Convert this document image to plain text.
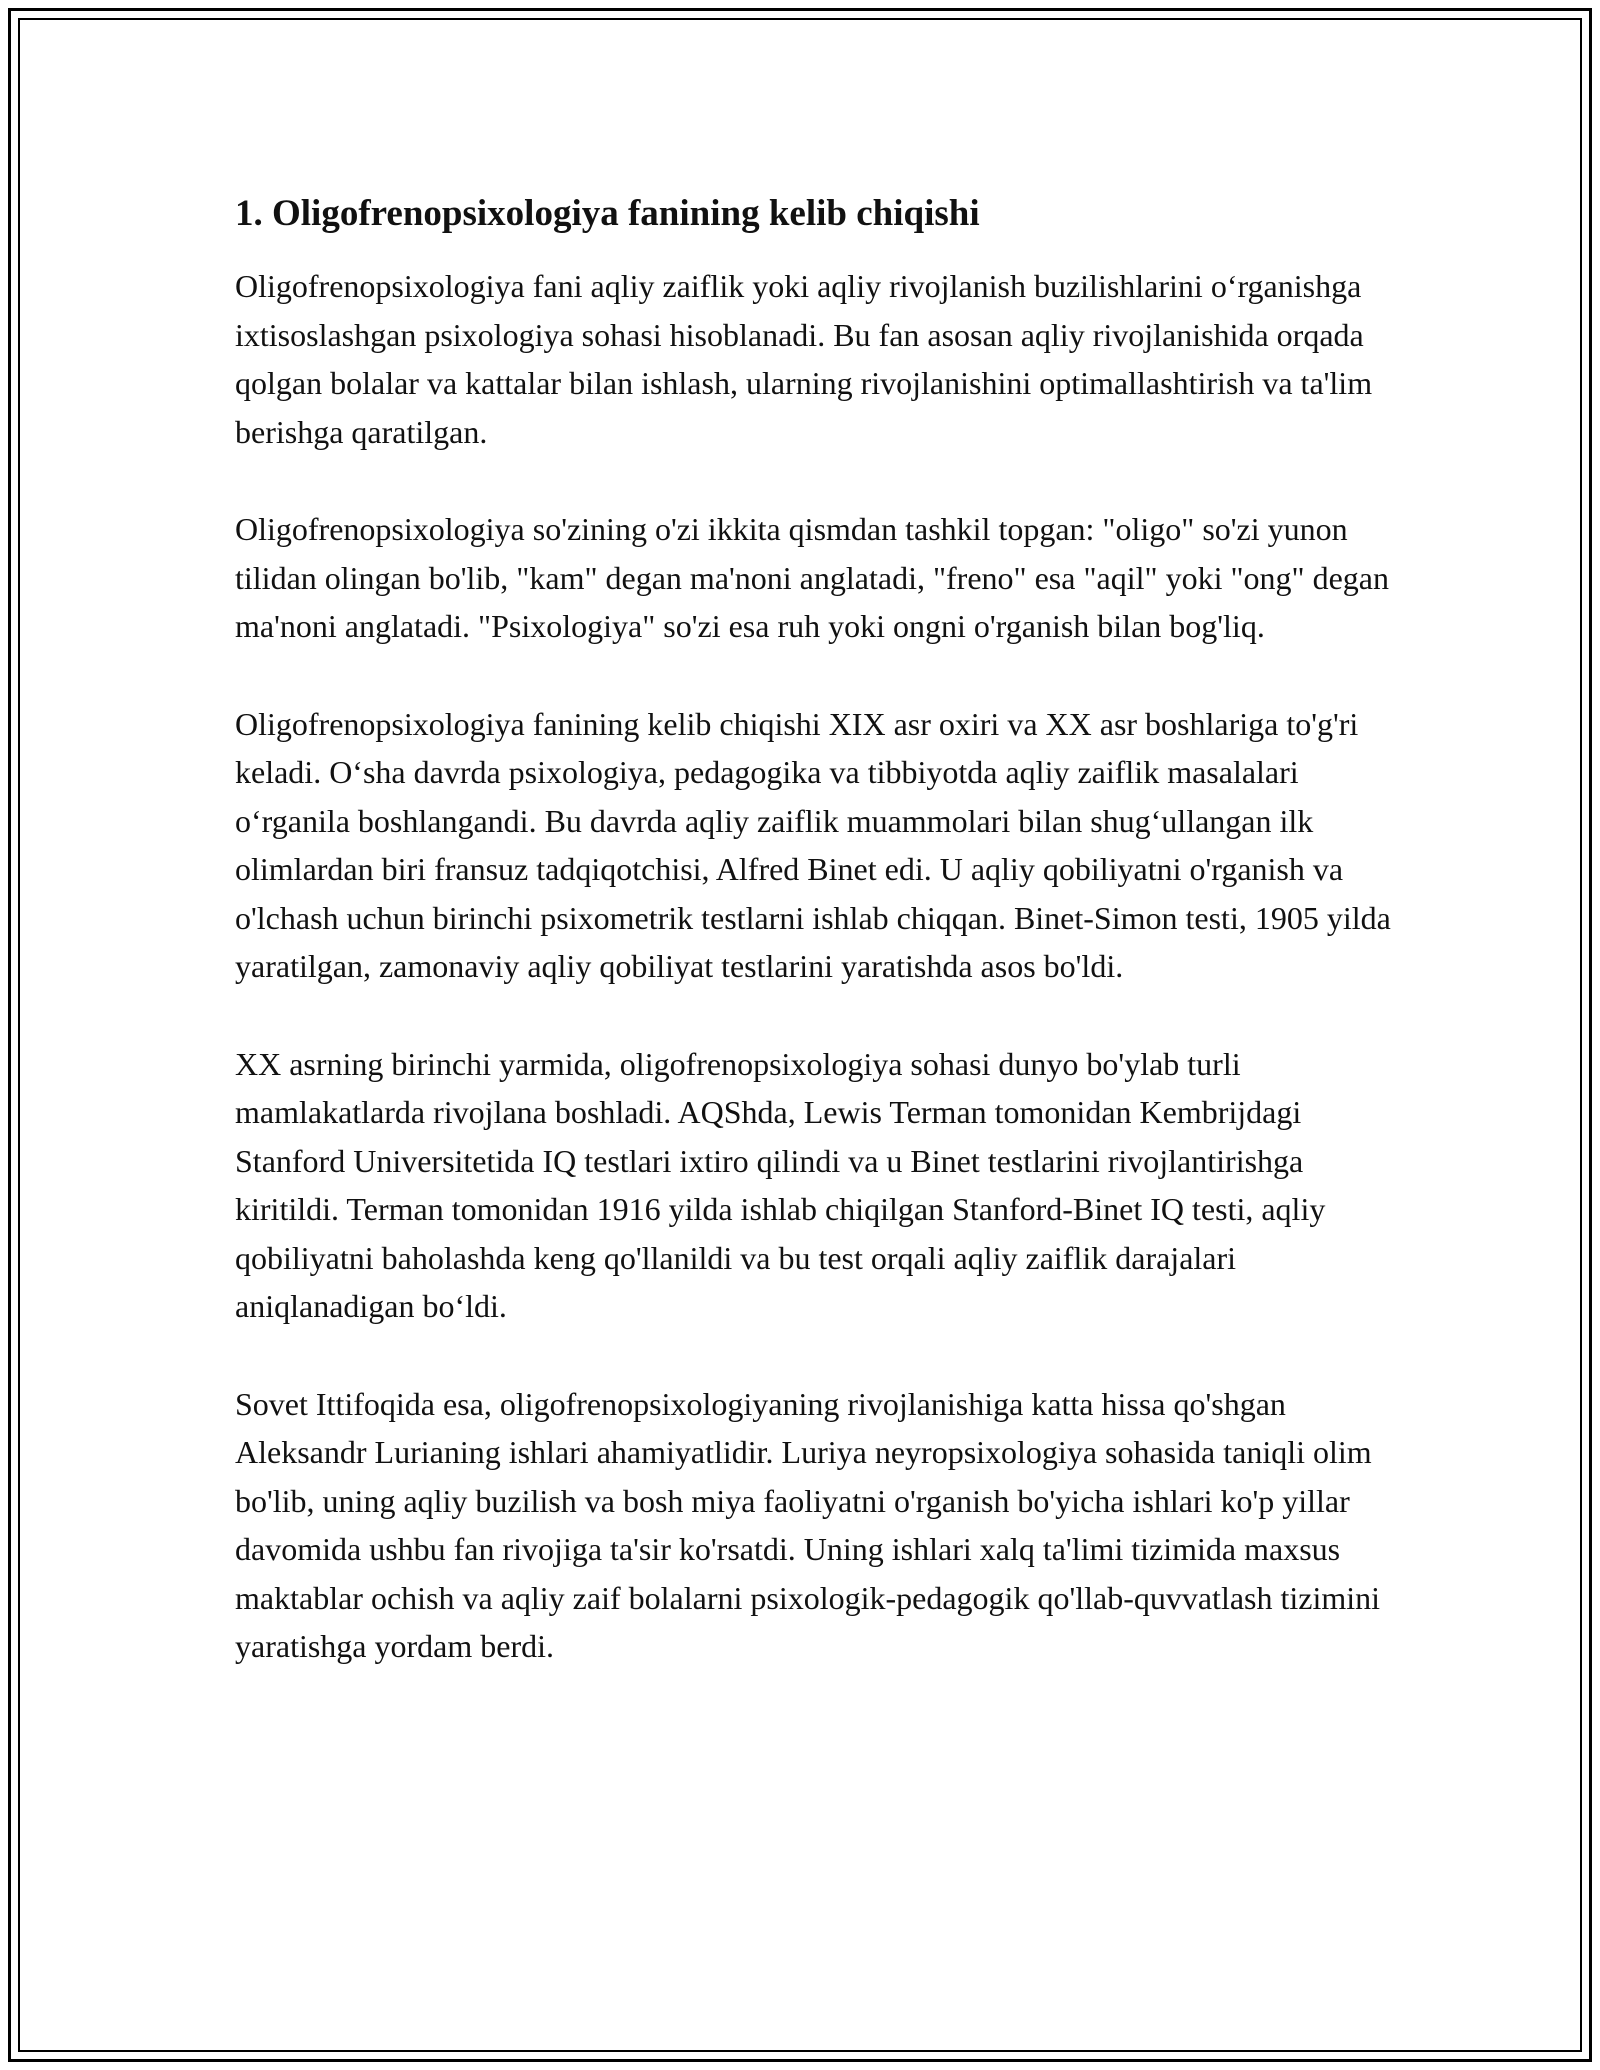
1. Oligofrenopsixologiya fanining kelib chiqishi

Oligofrenopsixologiya fani aqliy zaiflik yoki aqliy rivojlanish buzilishlarini o‘rganishga ixtisoslashgan psixologiya sohasi hisoblanadi. Bu fan asosan aqliy rivojlanishida orqada qolgan bolalar va kattalar bilan ishlash, ularning rivojlanishini optimallashtirish va ta'lim berishga qaratilgan.

Oligofrenopsixologiya so'zining o'zi ikkita qismdan tashkil topgan: "oligo" so'zi yunon tilidan olingan bo'lib, "kam" degan ma'noni anglatadi, "freno" esa "aqil" yoki "ong" degan ma'noni anglatadi. "Psixologiya" so'zi esa ruh yoki ongni o'rganish bilan bog'liq.

Oligofrenopsixologiya fanining kelib chiqishi XIX asr oxiri va XX asr boshlariga to'g'ri keladi. O‘sha davrda psixologiya, pedagogika va tibbiyotda aqliy zaiflik masalalari o‘rganila boshlangandi. Bu davrda aqliy zaiflik muammolari bilan shug‘ullangan ilk olimlardan biri fransuz tadqiqotchisi, Alfred Binet edi. U aqliy qobiliyatni o'rganish va o'lchash uchun birinchi psixometrik testlarni ishlab chiqqan. Binet-Simon testi, 1905 yilda yaratilgan, zamonaviy aqliy qobiliyat testlarini yaratishda asos bo'ldi.

XX asrning birinchi yarmida, oligofrenopsixologiya sohasi dunyo bo'ylab turli mamlakatlarda rivojlana boshladi. AQShda, Lewis Terman tomonidan Kembrijdagi Stanford Universitetida IQ testlari ixtiro qilindi va u Binet testlarini rivojlantirishga kiritildi. Terman tomonidan 1916 yilda ishlab chiqilgan Stanford-Binet IQ testi, aqliy qobiliyatni baholashda keng qo'llanildi va bu test orqali aqliy zaiflik darajalari aniqlanadigan bo‘ldi.

Sovet Ittifoqida esa, oligofrenopsixologiyaning rivojlanishiga katta hissa qo'shgan Aleksandr Lurianing ishlari ahamiyatlidir. Luriya neyropsixologiya sohasida taniqli olim bo'lib, uning aqliy buzilish va bosh miya faoliyatni o'rganish bo'yicha ishlari ko'p yillar davomida ushbu fan rivojiga ta'sir ko'rsatdi. Uning ishlari xalq ta'limi tizimida maxsus maktablar ochish va aqliy zaif bolalarni psixologik-pedagogik qo'llab-quvvatlash tizimini yaratishga yordam berdi.
